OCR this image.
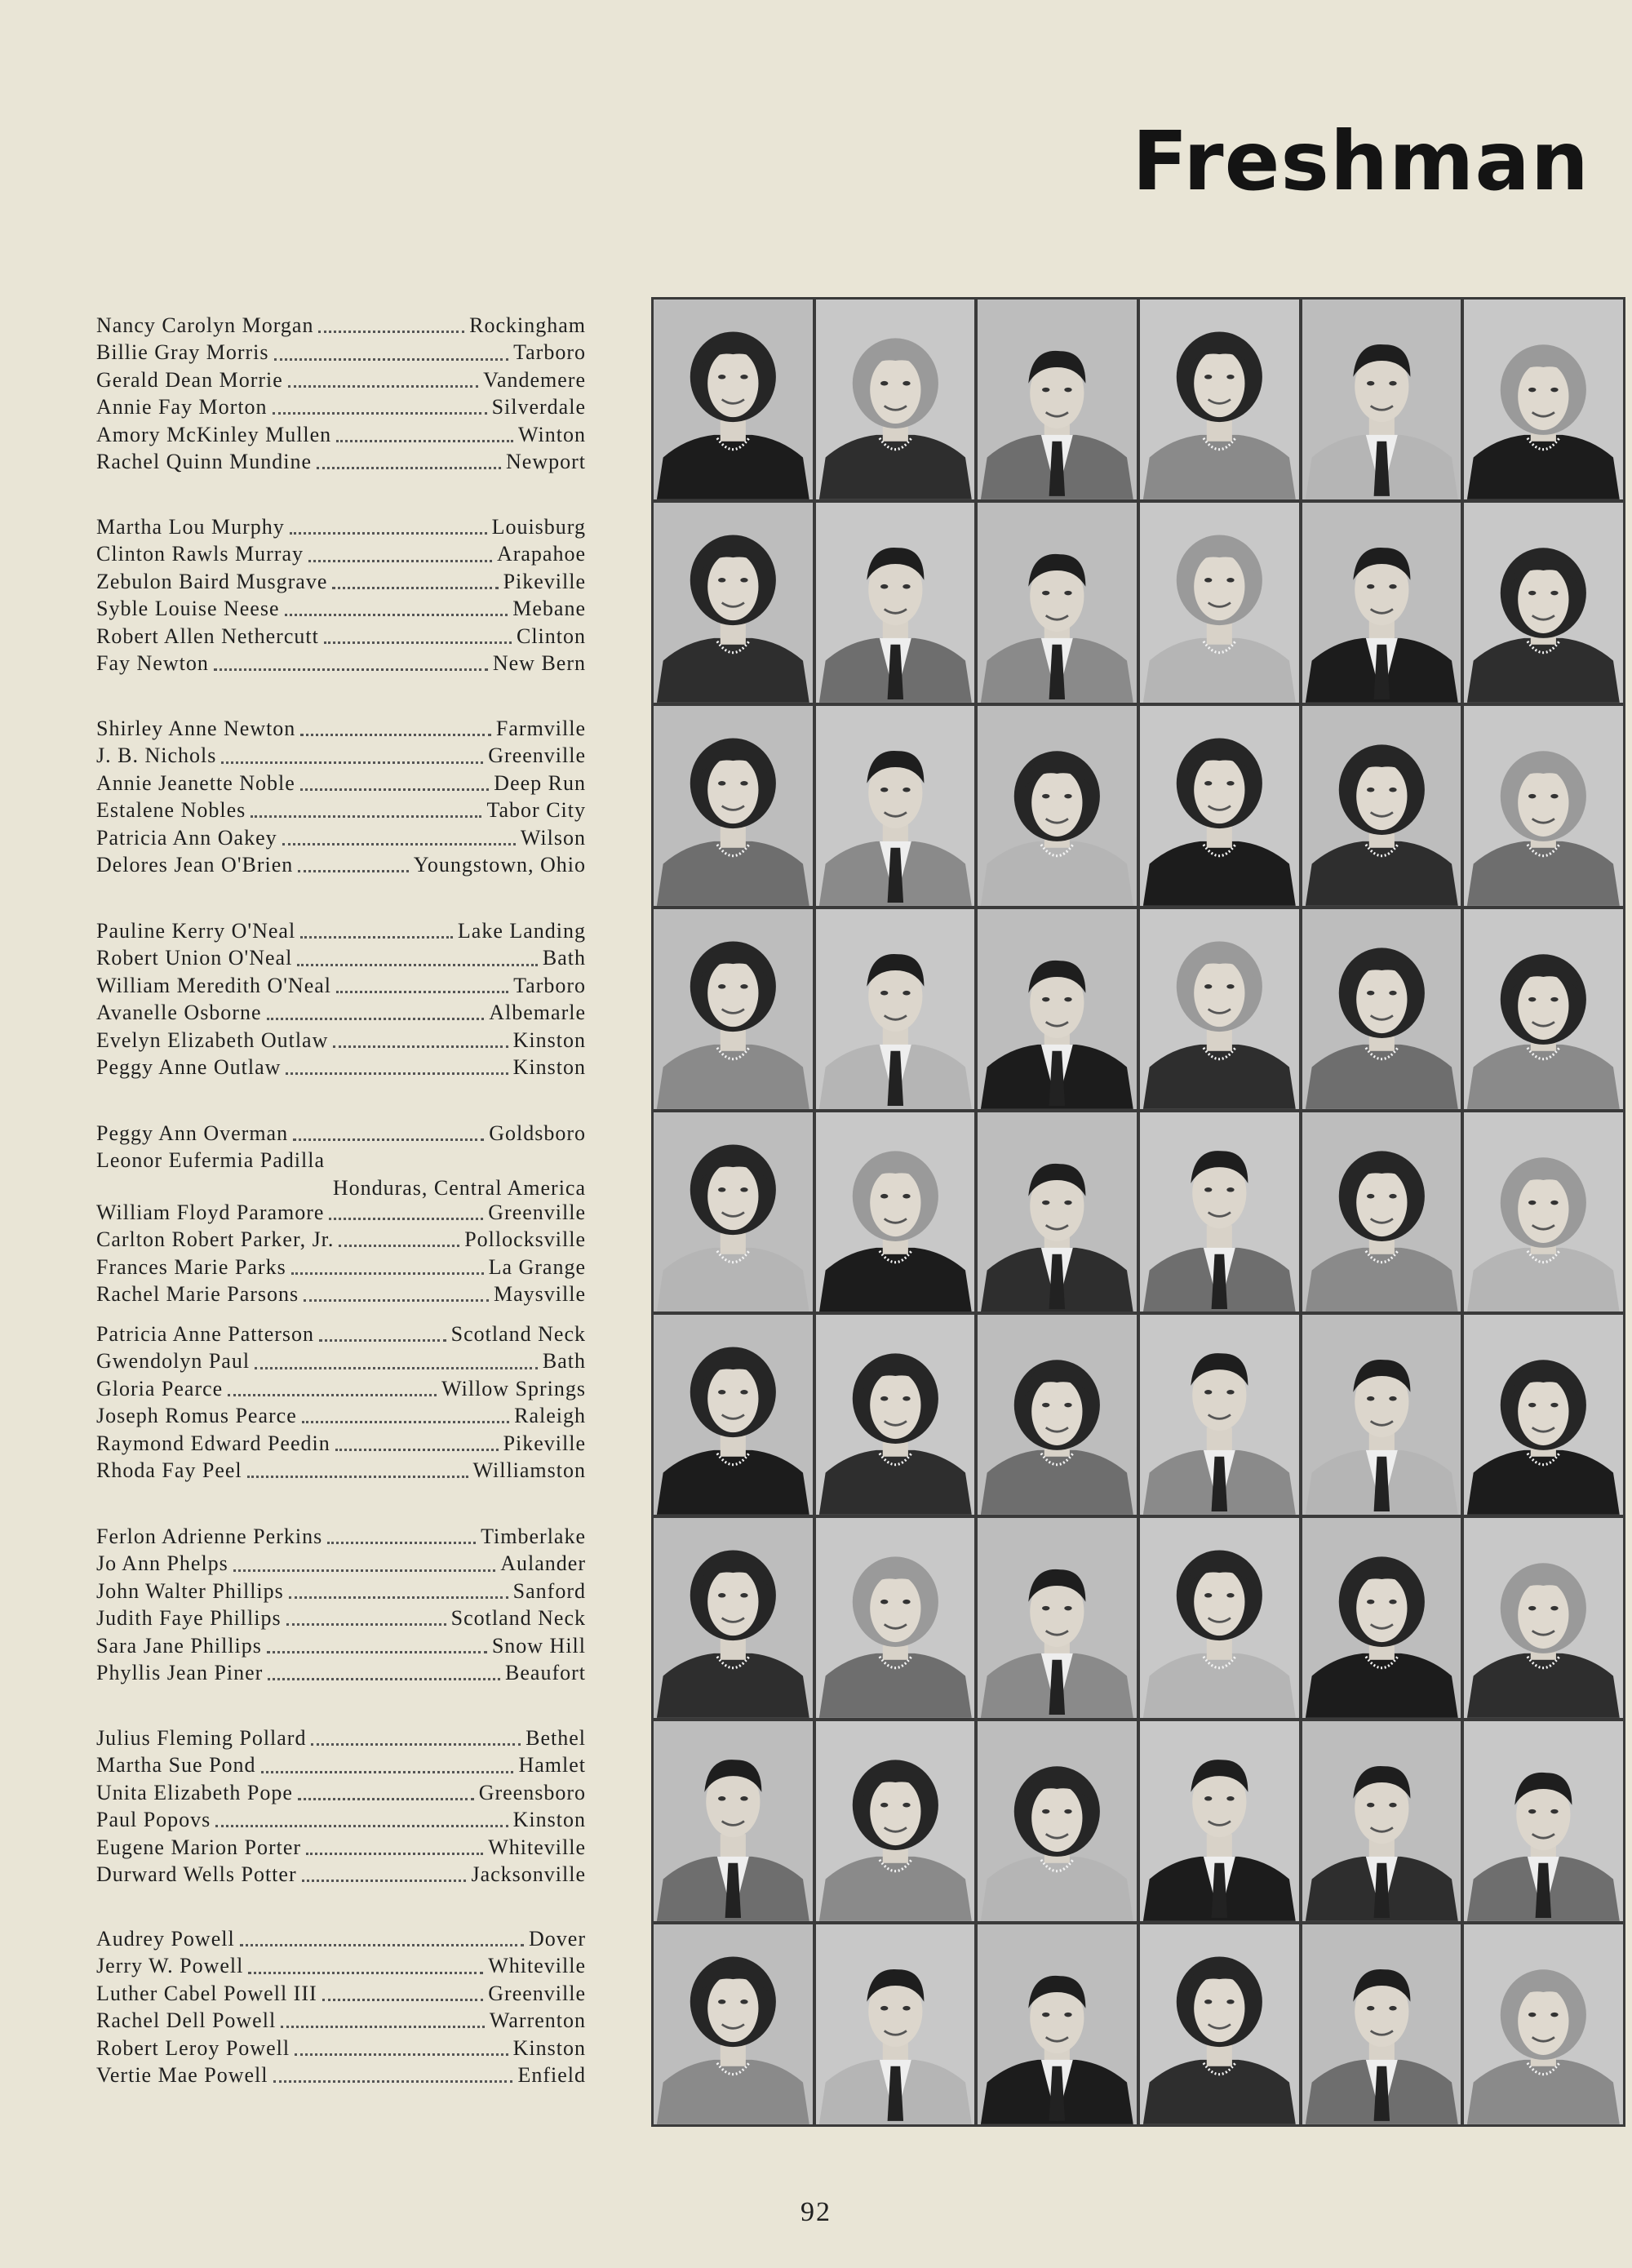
Freshman
Nancy Carolyn Morgan	Rockingham
Billie Gray Morris	Tarboro
Gerald Dean Morrie	Vandemere
Annie Fay Morton	Silverdale
Amory McKinley Mullen	Winton
Rachel Quinn Mundine	Newport
Martha Lou Murphy	Louisburg
Clinton Rawls Murray	Arapahoe
Zebulon Baird Musgrave	Pikeville
Syble Louise Neese	Mebane
Robert Allen Nethercutt	Clinton
Fay Newton	New Bern
Shirley Anne Newton	Farmville
J. B. Nichols	Greenville
Annie Jeanette Noble	Deep Run
Estalene Nobles	Tabor City
Patricia Ann Oakey	Wilson
Delores Jean O'Brien	Youngstown, Ohio
Pauline Kerry O'Neal	Lake Landing
Robert Union O'Neal	Bath
William Meredith O'Neal	Tarboro
Avanelle Osborne	Albemarle
Evelyn Elizabeth Outlaw	Kinston
Peggy Anne Outlaw	Kinston
Peggy Ann Overman	Goldsboro
Leonor Eufermia Padilla
Honduras, Central America
William Floyd Paramore	Greenville
Carlton Robert Parker, Jr.	Pollocksville
Frances Marie Parks	La Grange
Rachel Marie Parsons	Maysville
Patricia Anne Patterson	Scotland Neck
Gwendolyn Paul	Bath
Gloria Pearce	Willow Springs
Joseph Romus Pearce	Raleigh
Raymond Edward Peedin	Pikeville
Rhoda Fay Peel	Williamston
Ferlon Adrienne Perkins	Timberlake
Jo Ann Phelps	Aulander
John Walter Phillips	Sanford
Judith Faye Phillips	Scotland Neck
Sara Jane Phillips	Snow Hill
Phyllis Jean Piner	Beaufort
Julius Fleming Pollard	Bethel
Martha Sue Pond	Hamlet
Unita Elizabeth Pope	Greensboro
Paul Popovs	Kinston
Eugene Marion Porter	Whiteville
Durward Wells Potter	Jacksonville
Audrey Powell	Dover
Jerry W. Powell	Whiteville
Luther Cabel Powell III	Greenville
Rachel Dell Powell	Warrenton
Robert Leroy Powell	Kinston
Vertie Mae Powell	Enfield
92
